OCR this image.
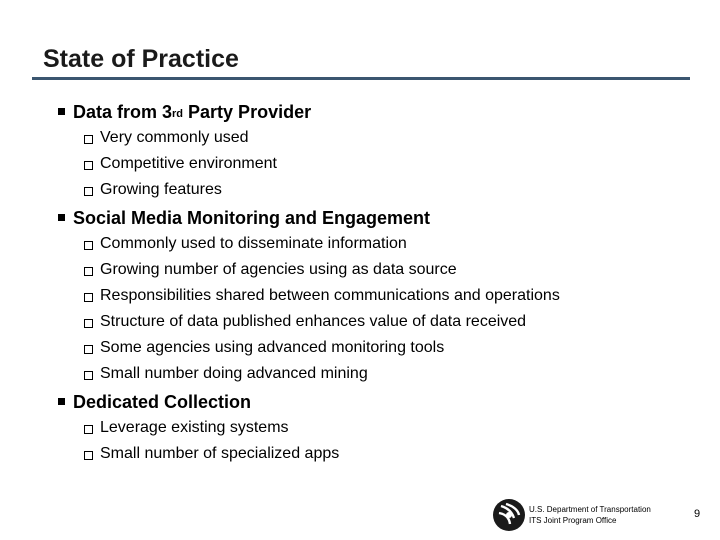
State of Practice
Data from 3rd Party Provider
Very commonly used
Competitive environment
Growing features
Social Media Monitoring and Engagement
Commonly used to disseminate information
Growing number of agencies using as data source
Responsibilities shared between communications and operations
Structure of data published enhances value of data received
Some agencies using advanced monitoring tools
Small number doing advanced mining
Dedicated Collection
Leverage existing systems
Small number of specialized apps
U.S. Department of Transportation
ITS Joint Program Office
9
